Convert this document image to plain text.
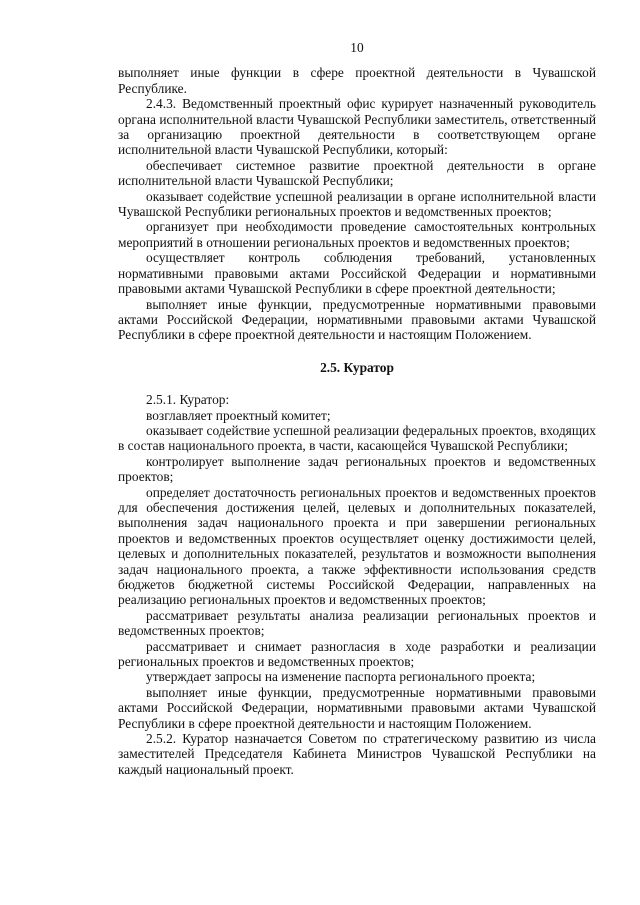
10

выполняет иные функции в сфере проектной деятельности в Чувашской Республике.

2.4.3. Ведомственный проектный офис курирует назначенный руководитель органа исполнительной власти Чувашской Республики заместитель, ответственный за организацию проектной деятельности в соответствующем органе исполнительной власти Чувашской Республики, который:

обеспечивает системное развитие проектной деятельности в органе исполнительной власти Чувашской Республики;

оказывает содействие успешной реализации в органе исполнительной власти Чувашской Республики региональных проектов и ведомственных проектов;

организует при необходимости проведение самостоятельных контрольных мероприятий в отношении региональных проектов и ведомственных проектов;

осуществляет контроль соблюдения требований, установленных нормативными правовыми актами Российской Федерации и нормативными правовыми актами Чувашской Республики в сфере проектной деятельности;

выполняет иные функции, предусмотренные нормативными правовыми актами Российской Федерации, нормативными правовыми актами Чувашской Республики в сфере проектной деятельности и настоящим Положением.

2.5. Куратор

2.5.1. Куратор:

возглавляет проектный комитет;

оказывает содействие успешной реализации федеральных проектов, входящих в состав национального проекта, в части, касающейся Чувашской Республики;

контролирует выполнение задач региональных проектов и ведомственных проектов;

определяет достаточность региональных проектов и ведомственных проектов для обеспечения достижения целей, целевых и дополнительных показателей, выполнения задач национального проекта и при завершении региональных проектов и ведомственных проектов осуществляет оценку достижимости целей, целевых и дополнительных показателей, результатов и возможности выполнения задач национального проекта, а также эффективности использования средств бюджетов бюджетной системы Российской Федерации, направленных на реализацию региональных проектов и ведомственных проектов;

рассматривает результаты анализа реализации региональных проектов и ведомственных проектов;

рассматривает и снимает разногласия в ходе разработки и реализации региональных проектов и ведомственных проектов;

утверждает запросы на изменение паспорта регионального проекта;

выполняет иные функции, предусмотренные нормативными правовыми актами Российской Федерации, нормативными правовыми актами Чувашской Республики в сфере проектной деятельности и настоящим Положением.

2.5.2. Куратор назначается Советом по стратегическому развитию из числа заместителей Председателя Кабинета Министров Чувашской Республики на каждый национальный проект.
